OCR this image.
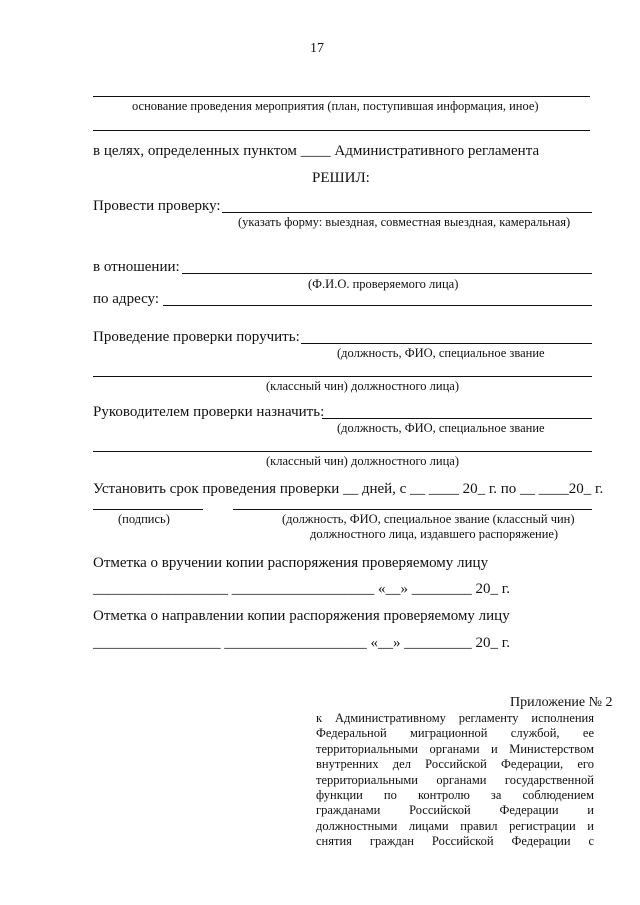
17
основание проведения мероприятия (план, поступившая информация, иное)
в целях, определенных пунктом ____ Административного регламента
РЕШИЛ:
Провести проверку:
(указать форму: выездная, совместная выездная, камеральная)
в отношении:
(Ф.И.О. проверяемого лица)
по адресу:
Проведение проверки поручить:
(должность, ФИО, специальное звание
(классный чин) должностного лица)
Руководителем проверки назначить:
(должность, ФИО, специальное звание
(классный чин) должностного лица)
Установить срок проведения проверки __ дней, с __ ____ 20_ г. по __ ____20_ г.
(подпись)	(должность, ФИО, специальное звание (классный чин)
должностного лица, издавшего распоряжение)
Отметка о вручении копии распоряжения проверяемому лицу
__________________ ___________________ «__» ________ 20_ г.
Отметка о направлении копии распоряжения проверяемому лицу
_________________ ___________________ «__» _________ 20_ г.
Приложение № 2
к Административному регламенту исполнения
Федеральной миграционной службой, ее
территориальными органами и Министерством
внутренних дел Российской Федерации, его
территориальными органами государственной
функции по контролю за соблюдением
гражданами Российской Федерации и
должностными лицами правил регистрации и
снятия граждан Российской Федерации с
